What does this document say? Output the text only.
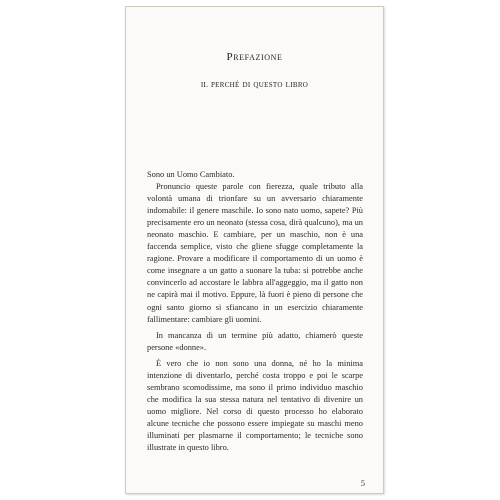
Prefazione
il perché di questo libro

Sono un Uomo Cambiato.

Pronuncio queste parole con fierezza, quale tributo alla volontà umana di trionfare su un avversario chiaramente indomabile: il genere maschile. Io sono nato uomo, sapete? Più precisamente ero un neonato (stessa cosa, dirà qualcuno), ma un neonato maschio. E cambiare, per un maschio, non è una faccenda semplice, visto che gliene sfugge completamente la ragione. Provare a modificare il comportamento di un uomo è come insegnare a un gatto a suonare la tuba: si potrebbe anche convincerlo ad accostare le labbra all'aggeggio, ma il gatto non ne capirà mai il motivo. Eppure, là fuori è pieno di persone che ogni santo giorno si sfiancano in un esercizio chiaramente fallimentare: cambiare gli uomini.

In mancanza di un termine più adatto, chiamerò queste persone «donne».

È vero che io non sono una donna, né ho la minima intenzione di diventarlo, perché costa troppo e poi le scarpe sembrano scomodissime, ma sono il primo individuo maschio che modifica la sua stessa natura nel tentativo di divenire un uomo migliore. Nel corso di questo processo ho elaborato alcune tecniche che possono essere impiegate su maschi meno illuminati per plasmarne il comportamento; le tecniche sono illustrate in questo libro.

5
